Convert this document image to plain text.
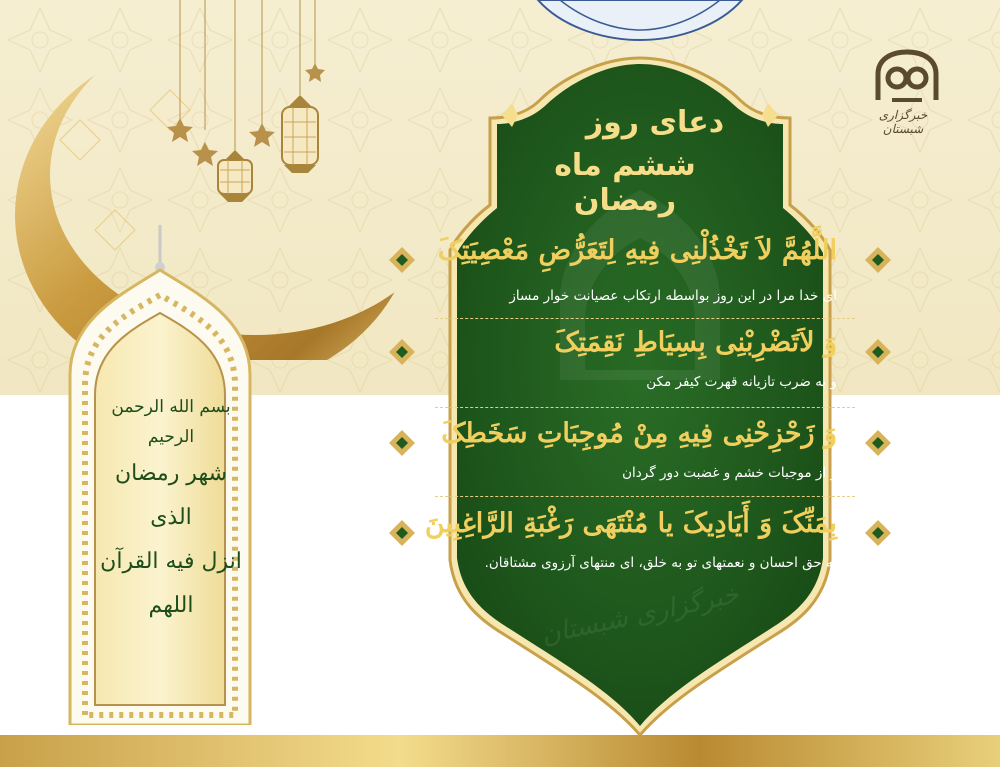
بسم الله الرحمن الرحیم
شهر رمضان الذی
انزل فیه القرآن
اللهم
دعای روز
ششم ماه رمضان
اللَّهُمَّ لاَ تَخْذُلْنِی فِیهِ لِتَعَرُّضِ مَعْصِیَتِکَ
ای خدا مرا در این روز بواسطه ارتکاب عصیانت خوار مساز
وَ لاَتَضْرِبْنِی بِسِیَاطِ نَقِمَتِکَ
و به ضرب تازیانه قهرت کیفر مکن
وَ زَحْزِحْنِی فِیهِ مِنْ مُوجِبَاتِ سَخَطِکَ
و از موجبات خشم و غضبت دور گردان
بِمَنِّکَ وَ أَیَادِیکَ یا مُنْتَهَی رَغْبَةِ الرَّاغِبِینَ
به حق احسان و نعمتهای تو به خلق، ای منتهای آرزوی مشتاقان.
خبرگزاری شبستان
خبرگزاری شبستان
